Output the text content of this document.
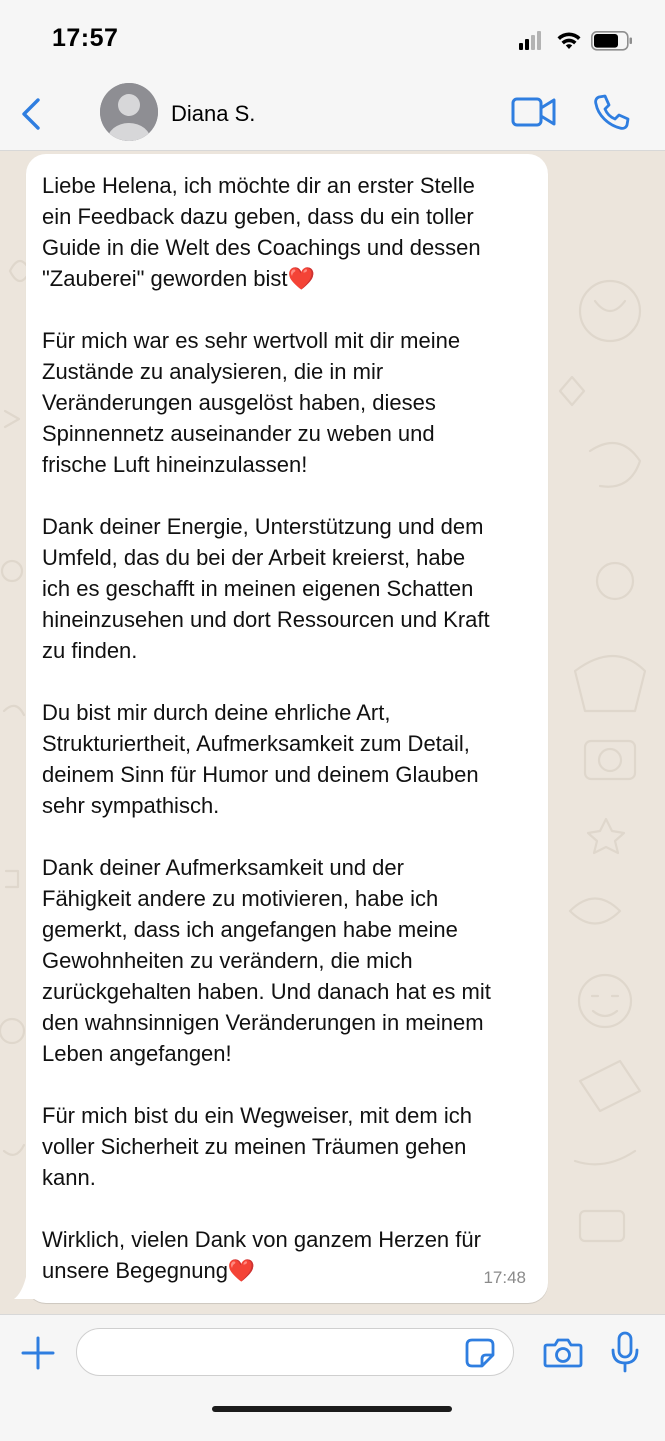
17:57
Diana S.

Liebe Helena, ich möchte dir an erster Stelle
ein Feedback dazu geben, dass du ein toller
Guide in die Welt des Coachings und dessen
"Zauberei" geworden bist❤️

Für mich war es sehr wertvoll mit dir meine
Zustände zu analysieren, die in mir
Veränderungen ausgelöst haben, dieses
Spinnennetz auseinander zu weben und
frische Luft hineinzulassen!

Dank deiner Energie, Unterstützung und dem
Umfeld, das du bei der Arbeit kreierst, habe
ich es geschafft in meinen eigenen Schatten
hineinzusehen und dort Ressourcen und Kraft
zu finden.

Du bist mir durch deine ehrliche Art,
Strukturiertheit, Aufmerksamkeit zum Detail,
deinem Sinn für Humor und deinem Glauben
sehr sympathisch.

Dank deiner Aufmerksamkeit und der
Fähigkeit andere zu motivieren, habe ich
gemerkt, dass ich angefangen habe meine
Gewohnheiten zu verändern, die mich
zurückgehalten haben. Und danach hat es mit
den wahnsinnigen Veränderungen in meinem
Leben angefangen!

Für mich bist du ein Wegweiser, mit dem ich
voller Sicherheit zu meinen Träumen gehen
kann.

Wirklich, vielen Dank von ganzem Herzen für
unsere Begegnung❤️	17:48
